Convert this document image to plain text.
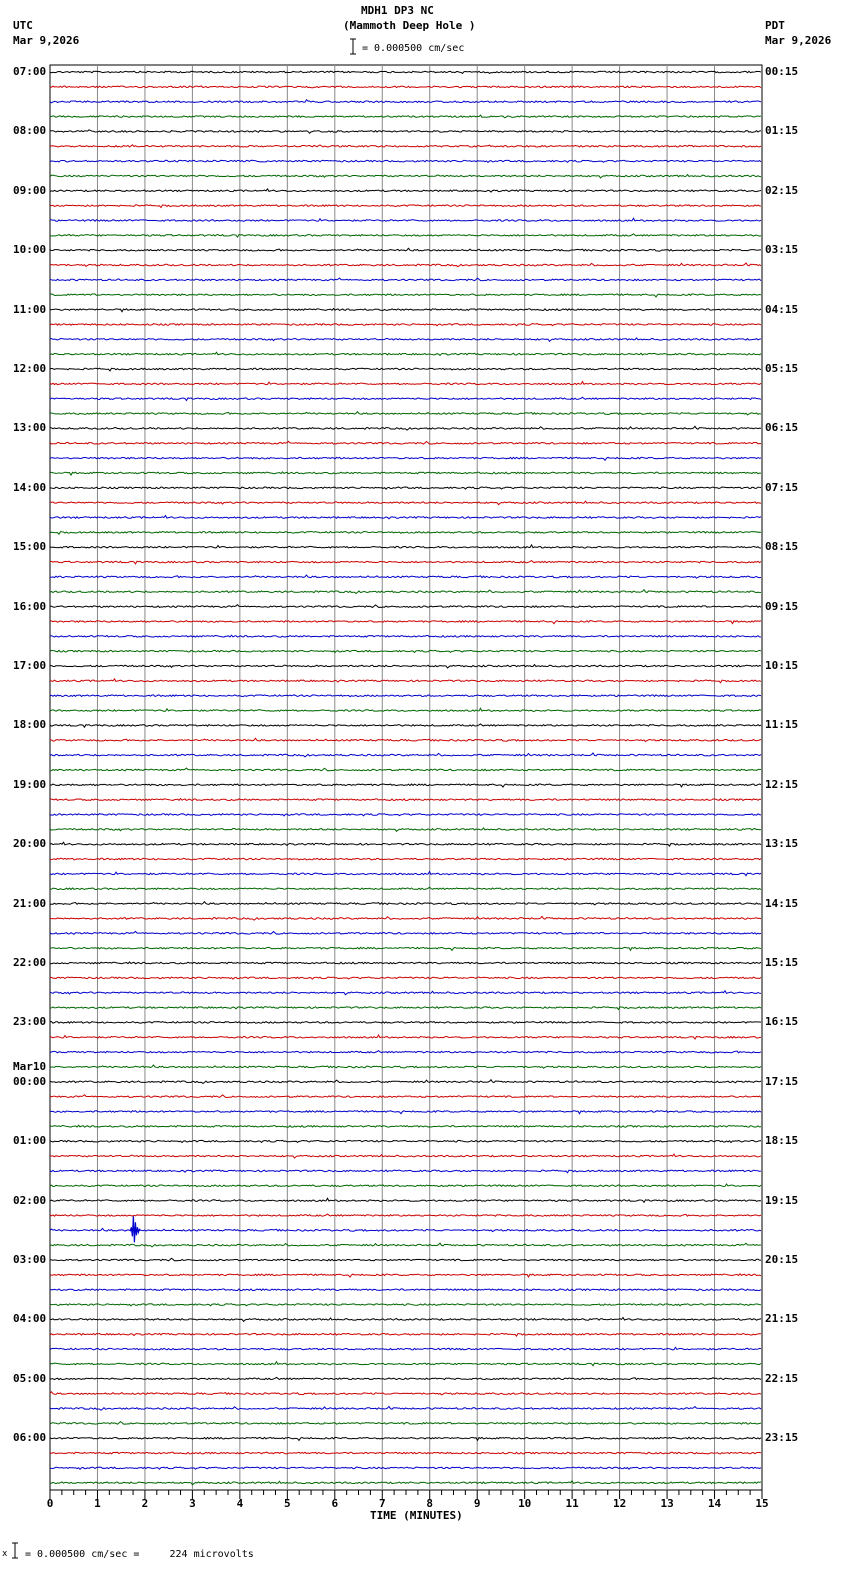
MDH1 DP3 NC
(Mammoth Deep Hole )
UTC
Mar 9,2026
PDT
Mar 9,2026
= 0.000500 cm/sec
07:00
08:00
09:00
10:00
11:00
12:00
13:00
14:00
15:00
16:00
17:00
18:00
19:00
20:00
21:00
22:00
23:00
00:00
Mar10
01:00
02:00
03:00
04:00
05:00
06:00
00:15
01:15
02:15
03:15
04:15
05:15
06:15
07:15
08:15
09:15
10:15
11:15
12:15
13:15
14:15
15:15
16:15
17:15
18:15
19:15
20:15
21:15
22:15
23:15
0	1	2	3	4	5	6	7	8	9	10	11	12	13	14	15
TIME (MINUTES)
x = 0.000500 cm/sec =     224 microvolts
